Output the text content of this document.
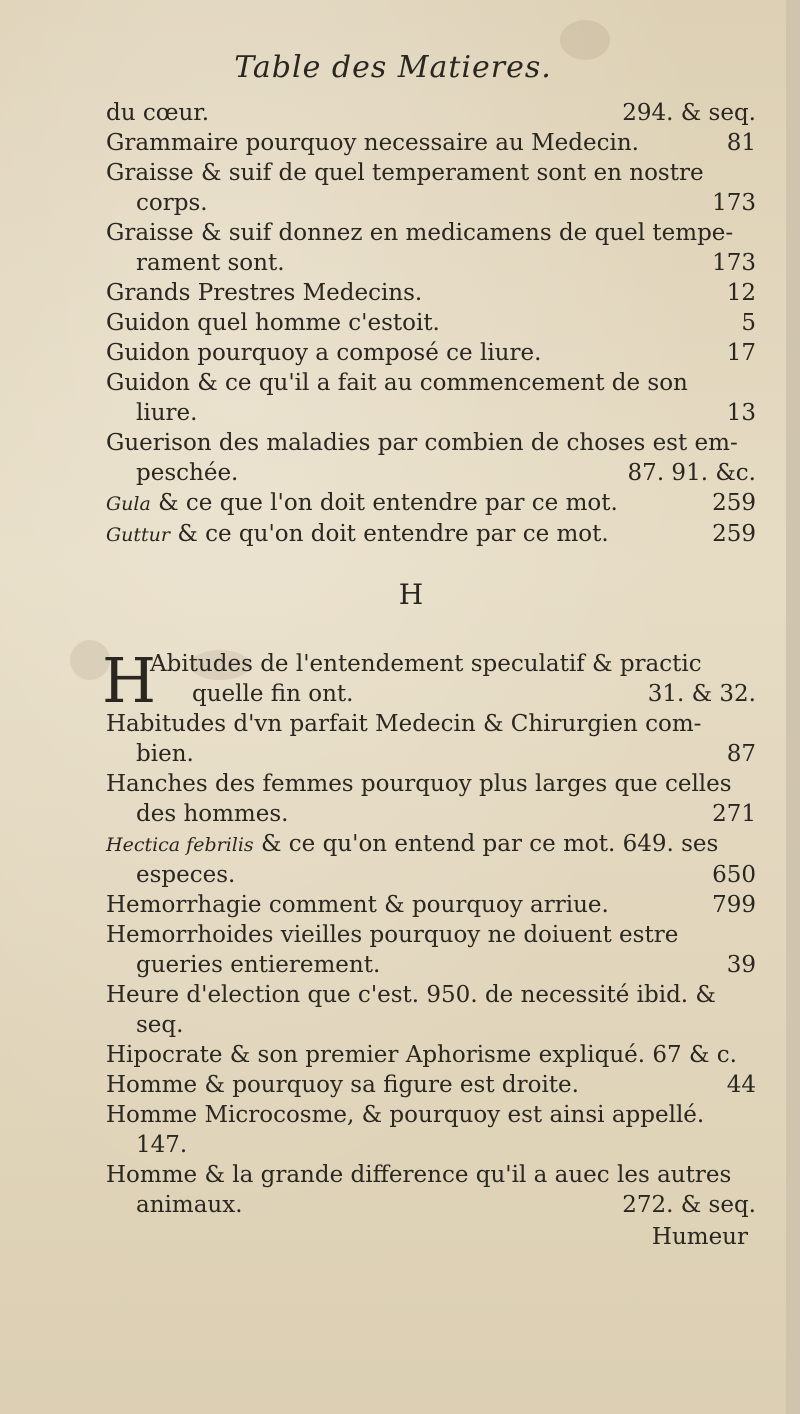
Table des Matieres.
du cœur.	294. & seq.
Grammaire pourquoy necessaire au Medecin.	81
Graisse & suif de quel temperament sont en nostre
corps.	173
Graisse & suif donnez en medicamens de quel tempe-
rament sont.	173
Grands Prestres Medecins.	12
Guidon quel homme c'estoit.	5
Guidon pourquoy a composé ce liure.	17
Guidon & ce qu'il a fait au commencement de son
liure.	13
Guerison des maladies par combien de choses est em-
peschée.	87. 91. &c.
Gula & ce que l'on doit entendre par ce mot.	259
Guttur & ce qu'on doit entendre par ce mot.	259
H
H
Abitudes de l'entendement speculatif & practic
quelle fin ont.	31. & 32.
Habitudes d'vn parfait Medecin & Chirurgien com-
bien.	87
Hanches des femmes pourquoy plus larges que celles
des hommes.	271
Hectica febrilis & ce qu'on entend par ce mot. 649. ses
especes.	650
Hemorrhagie comment & pourquoy arriue.	799
Hemorrhoides vieilles pourquoy ne doiuent estre
gueries entierement.	39
Heure d'election que c'est. 950. de necessité ibid. &
seq.
Hipocrate & son premier Aphorisme expliqué. 67 & c.
Homme & pourquoy sa figure est droite.	44
Homme Microcosme, & pourquoy est ainsi appellé.
147.
Homme & la grande difference qu'il a auec les autres
animaux.	272. & seq.
Humeur
